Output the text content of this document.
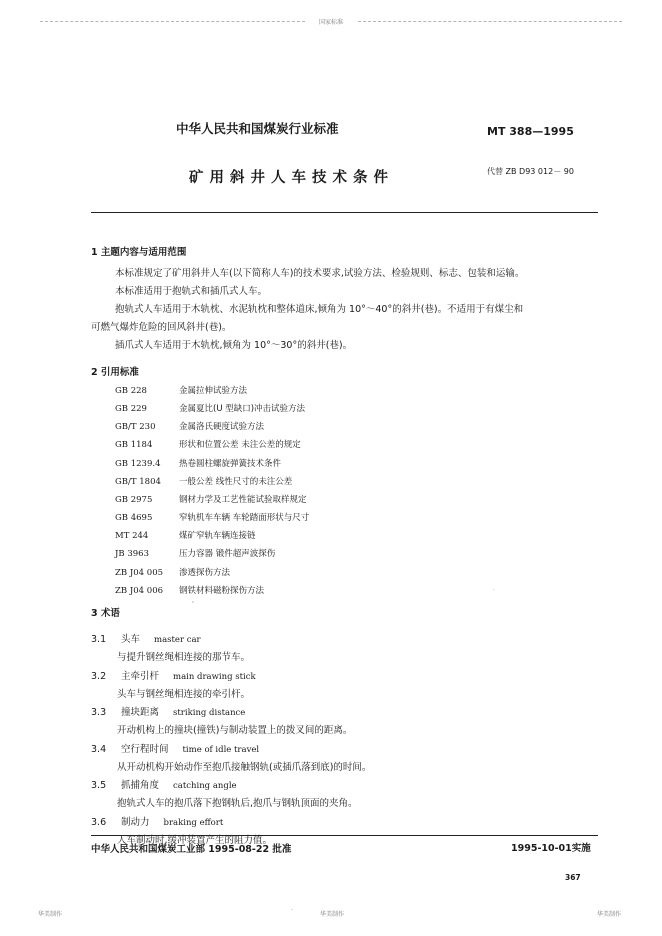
国家标准
中华人民共和国煤炭行业标准	MT 388—1995
矿用斜井人车技术条件	代替 ZB D93 012－ 90
1 主题内容与适用范围
本标准规定了矿用斜井人车(以下简称人车)的技术要求,试验方法、检验规则、标志、包装和运输。
本标准适用于抱轨式和插爪式人车。
抱轨式人车适用于木轨枕、水泥轨枕和整体道床,倾角为 10°～40°的斜井(巷)。不适用于有煤尘和
可燃气爆炸危险的回风斜井(巷)。
插爪式人车适用于木轨枕,倾角为 10°～30°的斜井(巷)。
2 引用标准
GB 228	金属拉伸试验方法
GB 229	金属夏比(U 型缺口)冲击试验方法
GB/T 230	金属洛氏硬度试验方法
GB 1184	形状和位置公差 未注公差的规定
GB 1239.4 热卷圆柱螺旋弹簧技术条件
GB/T 1804 一般公差 线性尺寸的未注公差
GB 2975	钢材力学及工艺性能试验取样规定
GB 4695	窄轨机车车辆 车轮踏面形状与尺寸
MT 244	煤矿窄轨车辆连接链
JB 3963	压力容器 锻件超声波探伤
ZB J04 005 渗透探伤方法
ZB J04 006 钢铁材料磁粉探伤方法
3 术语
'
·
3.1 头车 master car
与提升钢丝绳相连接的那节车。
3.2 主牵引杆 main drawing stick
头车与钢丝绳相连接的牵引杆。
3.3 撞块距离 striking distance
开动机构上的撞块(撞铁)与制动装置上的拨叉间的距离。
3.4 空行程时间 time of idle travel
从开动机构开始动作至抱爪接触钢轨(或插爪落到底)的时间。
3.5 抓捕角度 catching angle
抱轨式人车的抱爪落下抱钢轨后,抱爪与钢轨顶面的夹角。
3.6 制动力 braking effort
人车制动时,缓冲装置产生的阻力值。
中华人民共和国煤炭工业部 1995-08-22 批准	1995-10-01实施
367
华美制作	华美制作	华美制作
·
